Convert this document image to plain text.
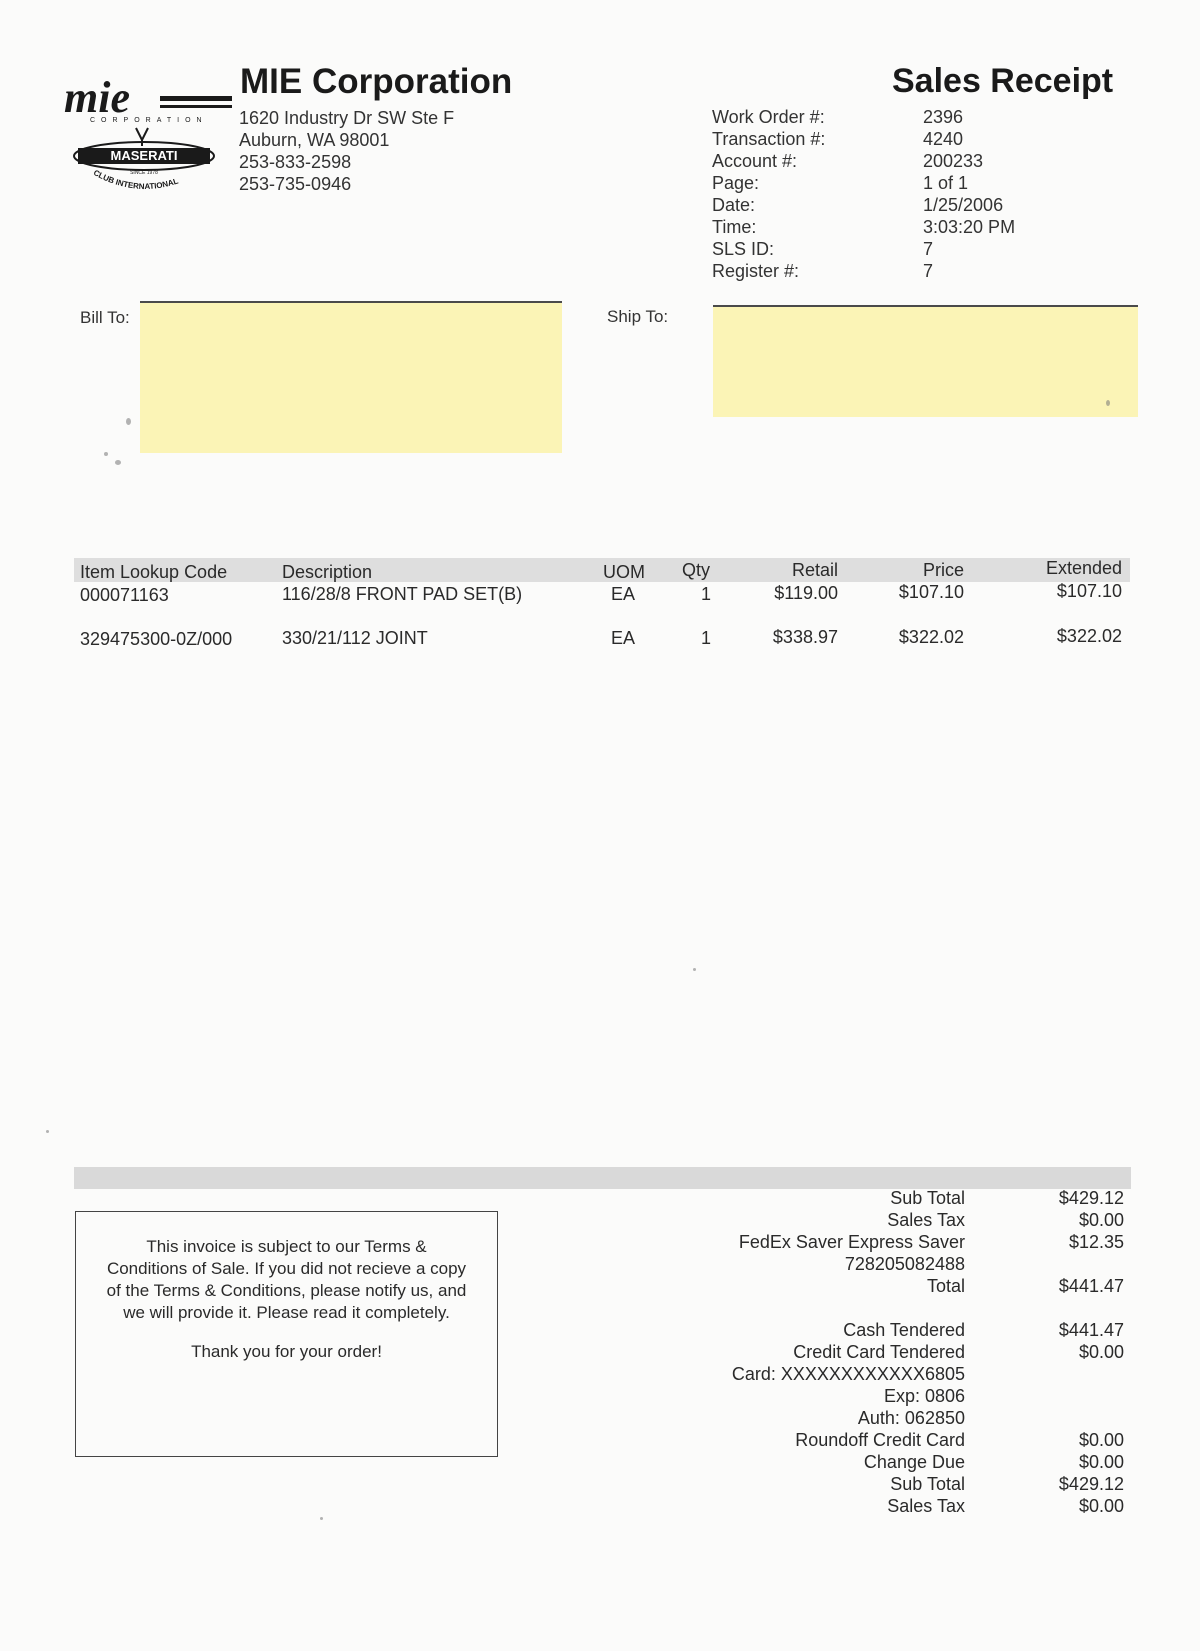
mie
CORPORATION
MASERATI
SINCE 1978
CLUB INTERNATIONAL
MIE Corporation
1620 Industry Dr SW Ste F
Auburn, WA 98001
253-833-2598
253-735-0946
Sales Receipt
Work Order #:	2396
Transaction #:	4240
Account #:	200233
Page:	1 of 1
Date:	1/25/2006
Time:	3:03:20 PM
SLS ID:	7
Register #:	7
Bill To:	Ship To:
Item Lookup Code	Description	UOM Qty	Retail	Price	Extended
000071163	116/28/8 FRONT PAD SET(B)	EA	1	$119.00	$107.10	$107.10
329475300-0Z/000	330/21/112 JOINT	EA	1	$338.97	$322.02	$322.02
This invoice is subject to our Terms &
Conditions of Sale. If you did not recieve a copy
of the Terms & Conditions, please notify us, and
we will provide it. Please read it completely.
Thank you for your order!
Sub Total	$429.12
Sales Tax	$0.00
FedEx Saver Express Saver	$12.35
728205082488
Total	$441.47
Cash Tendered	$441.47
Credit Card Tendered	$0.00
Card: XXXXXXXXXXXX6805
Exp: 0806
Auth: 062850
Roundoff Credit Card	$0.00
Change Due	$0.00
Sub Total	$429.12
Sales Tax	$0.00
